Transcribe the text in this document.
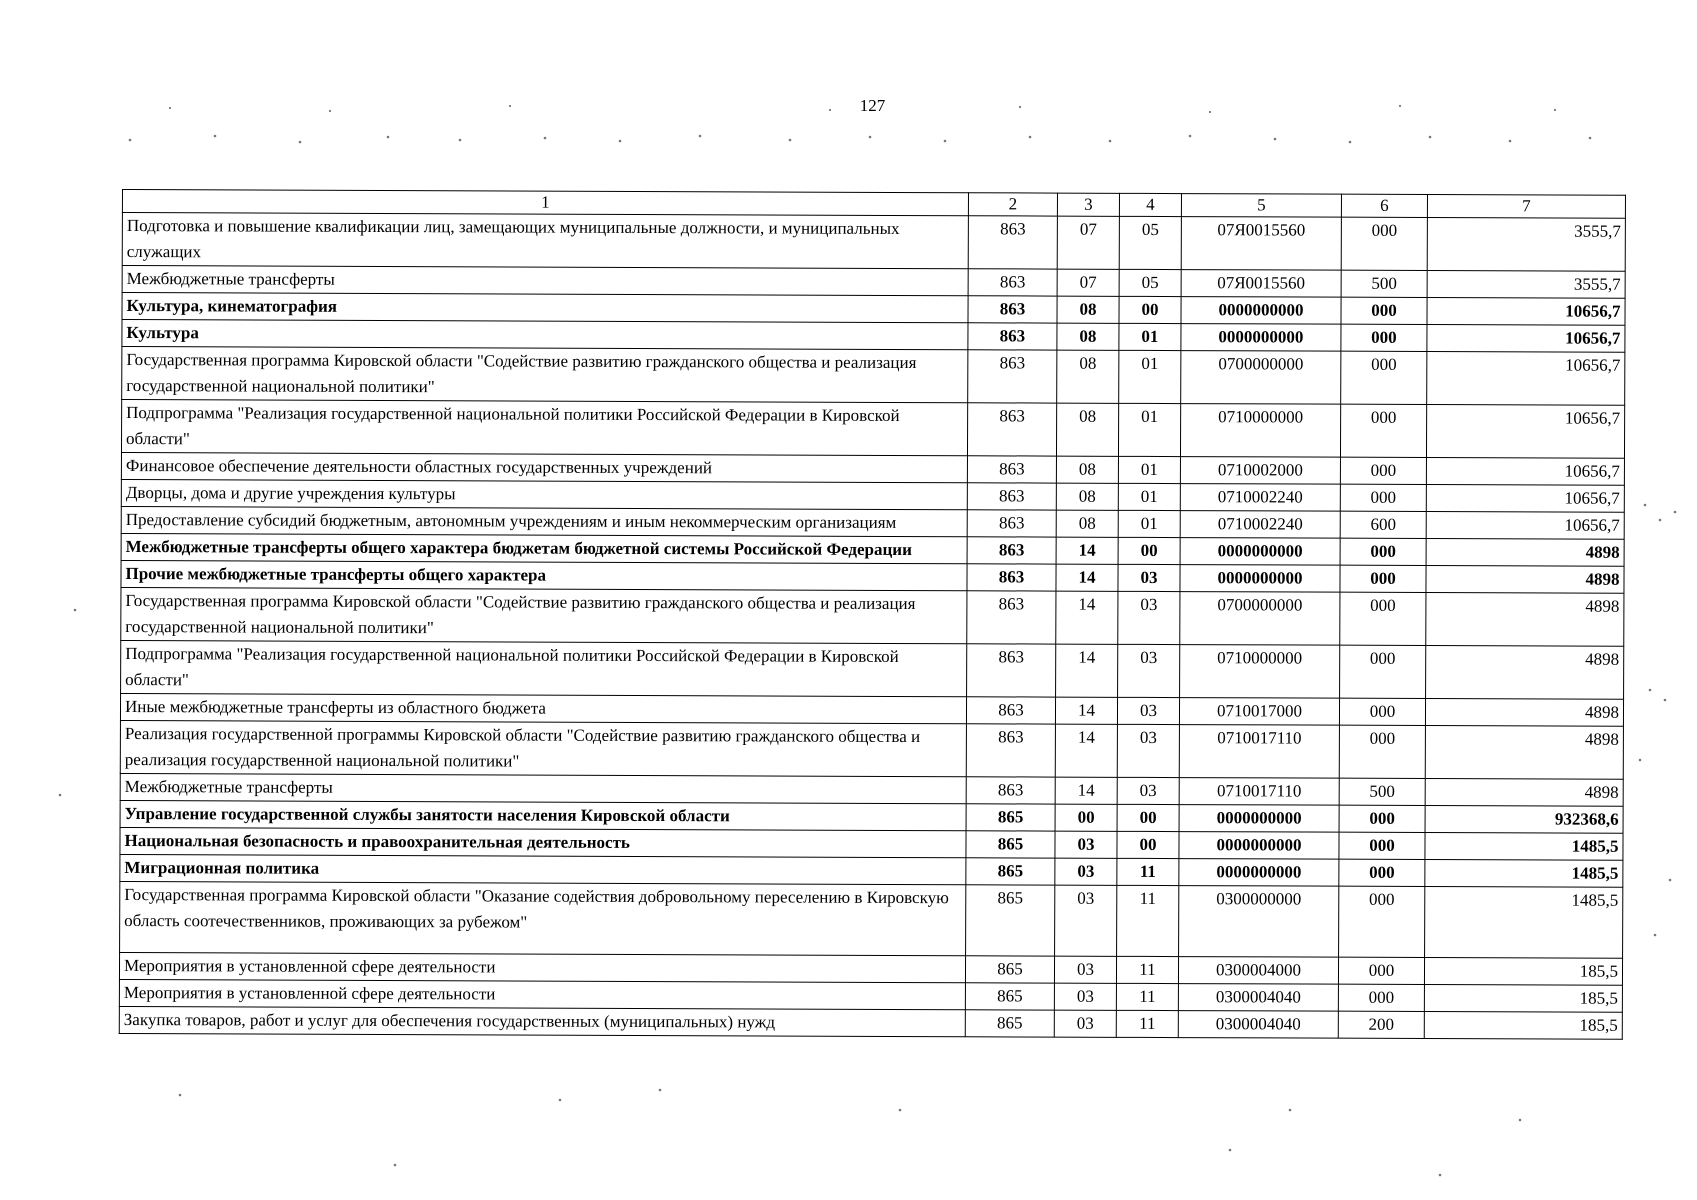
127
1	2	3	4	5	6	7
Подготовка и повышение квалификации лиц, замещающих муниципальные должности, и муниципальных служащих	863	07	05	07Я0015560	000	3555,7
Межбюджетные трансферты	863	07	05	07Я0015560	500	3555,7
Культура, кинематография	863	08	00	0000000000	000	10656,7
Культура	863	08	01	0000000000	000	10656,7
Государственная программа Кировской области "Содействие развитию гражданского общества и реализация государственной национальной политики"	863	08	01	0700000000	000	10656,7
Подпрограмма "Реализация государственной национальной политики Российской Федерации в Кировской области"	863	08	01	0710000000	000	10656,7
Финансовое обеспечение деятельности областных государственных учреждений	863	08	01	0710002000	000	10656,7
Дворцы, дома и другие учреждения культуры	863	08	01	0710002240	000	10656,7
Предоставление субсидий бюджетным, автономным учреждениям и иным некоммерческим организациям	863	08	01	0710002240	600	10656,7
Межбюджетные трансферты общего характера бюджетам бюджетной системы Российской Федерации	863	14	00	0000000000	000	4898
Прочие межбюджетные трансферты общего характера	863	14	03	0000000000	000	4898
Государственная программа Кировской области "Содействие развитию гражданского общества и реализация государственной национальной политики"	863	14	03	0700000000	000	4898
Подпрограмма "Реализация государственной национальной политики Российской Федерации в Кировской области"	863	14	03	0710000000	000	4898
Иные межбюджетные трансферты из областного бюджета	863	14	03	0710017000	000	4898
Реализация государственной программы Кировской области "Содействие развитию гражданского общества и реализация государственной национальной политики"	863	14	03	0710017110	000	4898
Межбюджетные трансферты	863	14	03	0710017110	500	4898
Управление государственной службы занятости населения Кировской области	865	00	00	0000000000	000	932368,6
Национальная безопасность и правоохранительная деятельность	865	03	00	0000000000	000	1485,5
Миграционная политика	865	03	11	0000000000	000	1485,5
Государственная программа Кировской области "Оказание содействия добровольному переселению в Кировскую область соотечественников, проживающих за рубежом"	865	03	11	0300000000	000	1485,5
Мероприятия в установленной сфере деятельности	865	03	11	0300004000	000	185,5
Мероприятия в установленной сфере деятельности	865	03	11	0300004040	000	185,5
Закупка товаров, работ и услуг для обеспечения государственных (муниципальных) нужд	865	03	11	0300004040	200	185,5
